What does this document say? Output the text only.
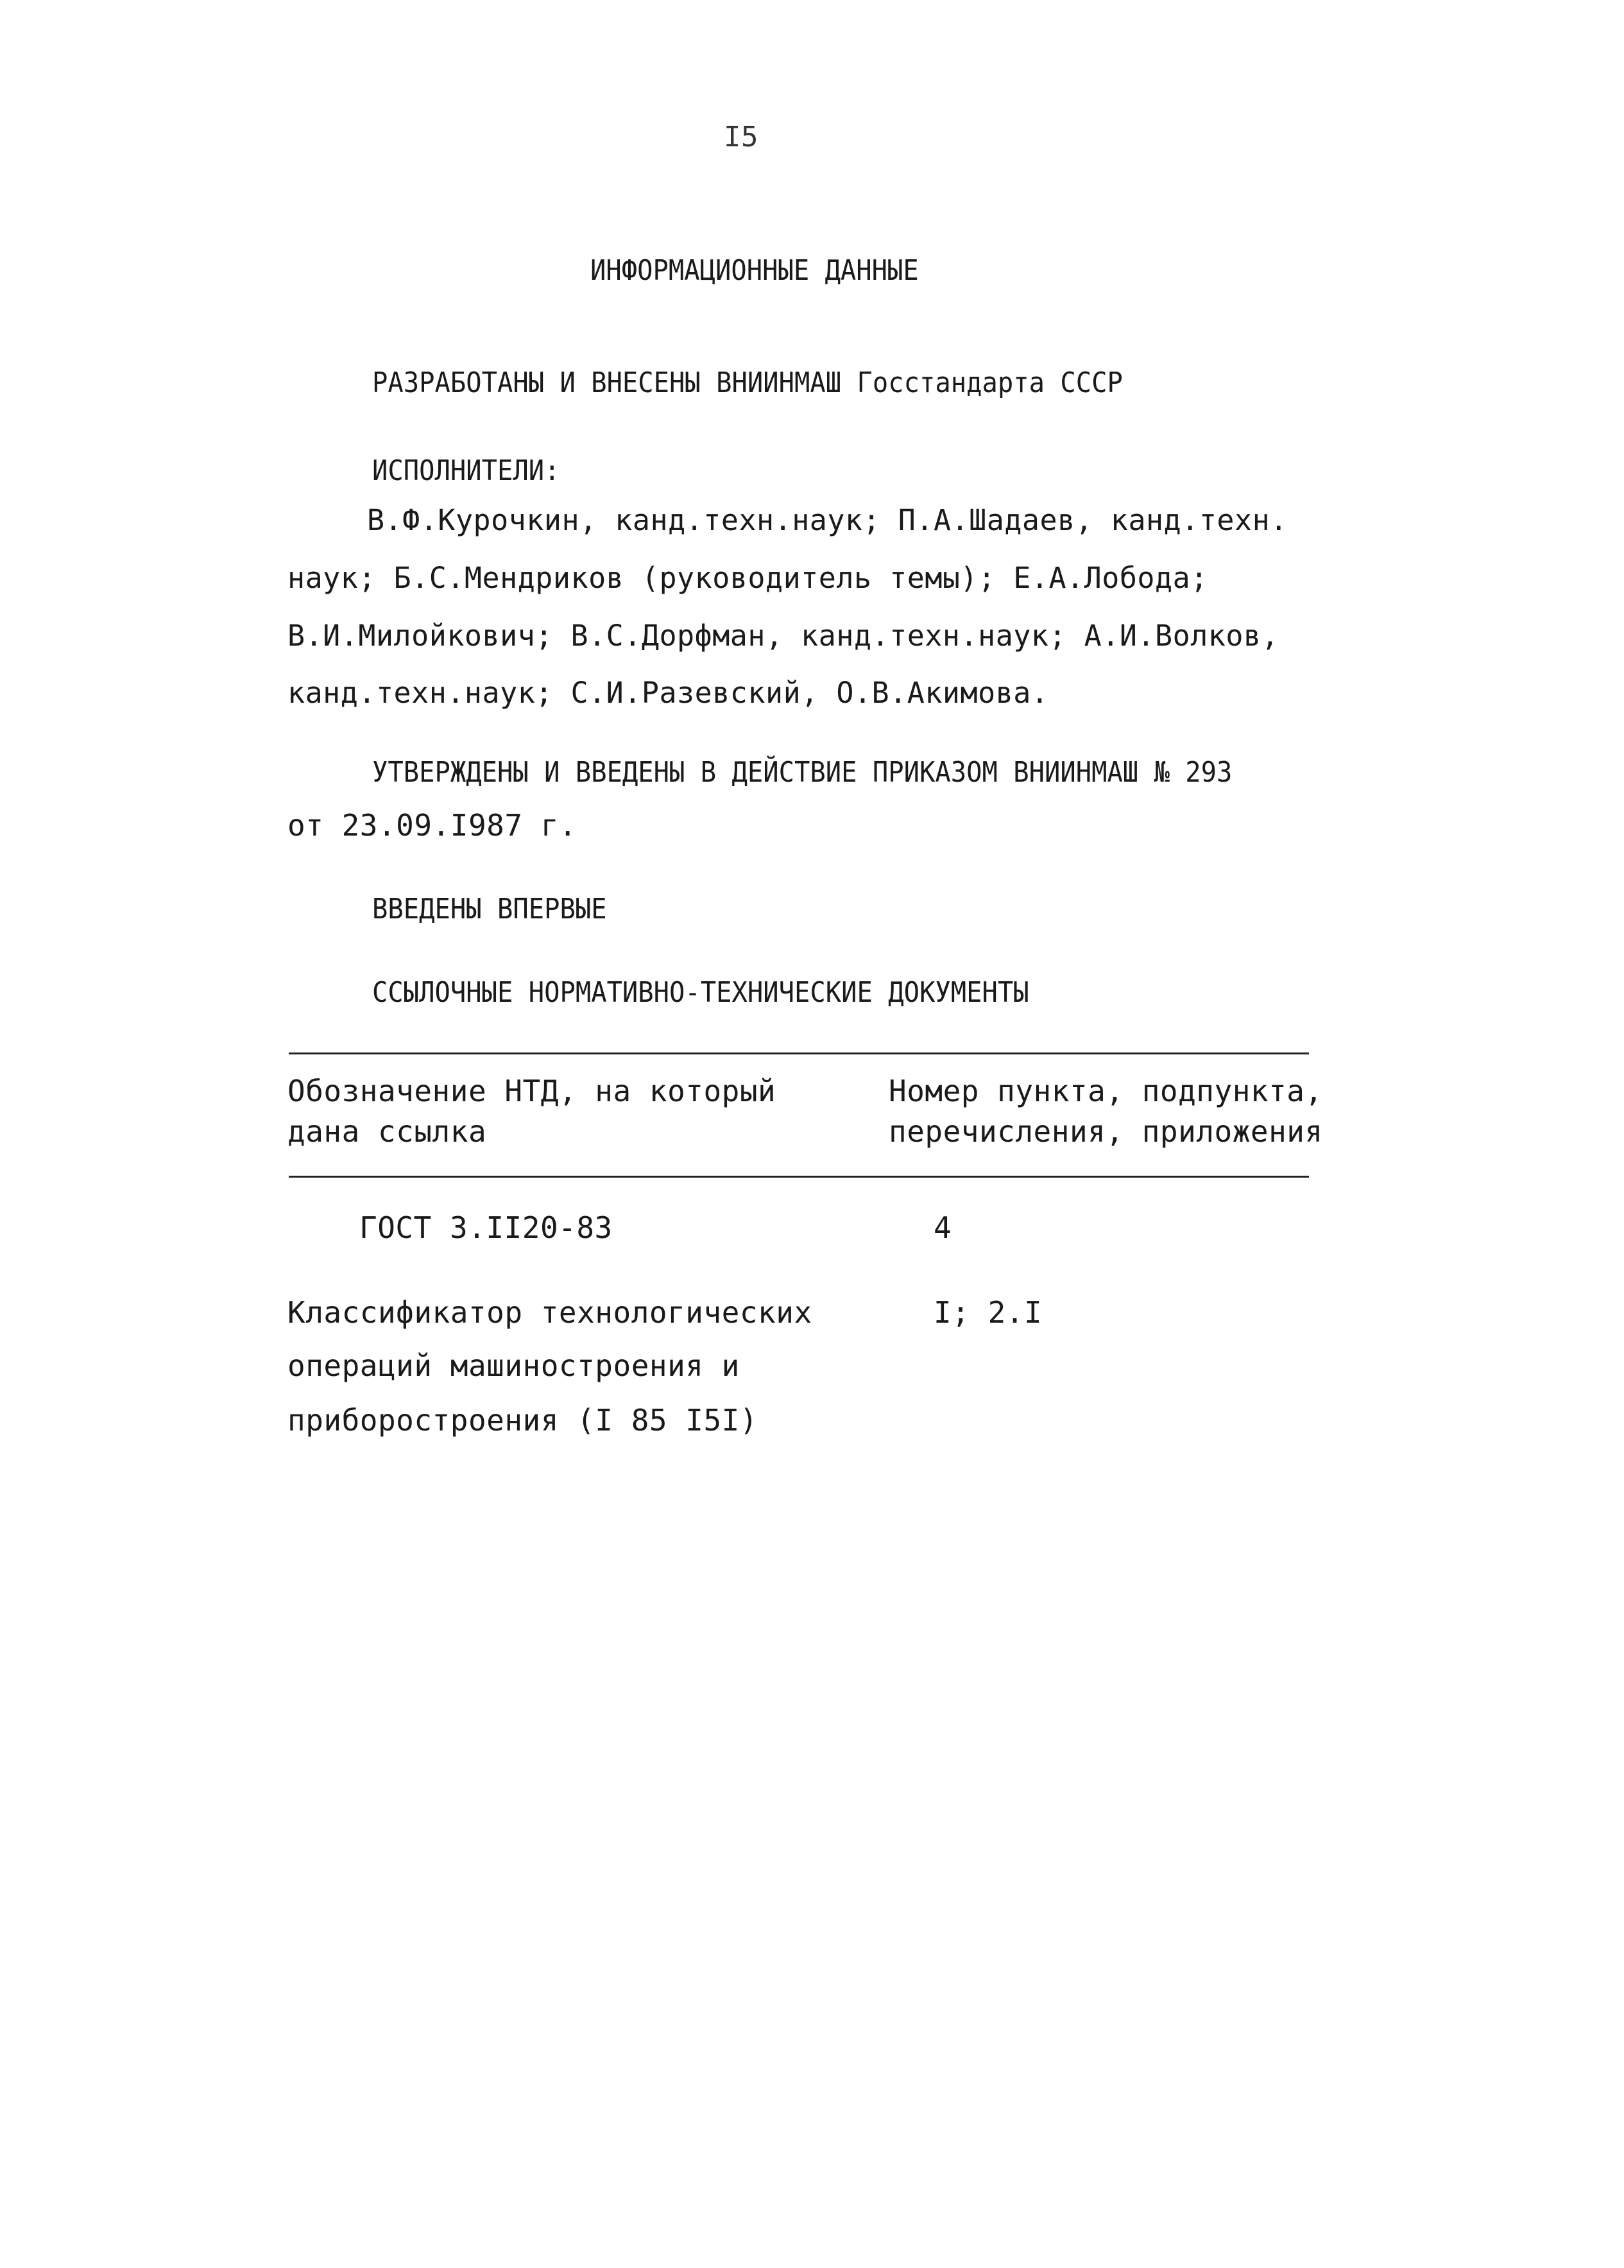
I5
ИНФОРМАЦИОННЫЕ ДАННЫЕ
РАЗРАБОТАНЫ И ВНЕСЕНЫ ВНИИНМАШ Госстандарта СССР
ИСПОЛНИТЕЛИ:
В.Ф.Курочкин, канд.техн.наук; П.А.Шадаев, канд.техн.
наук; Б.С.Мендриков (руководитель темы); Е.А.Лобода;
В.И.Милойкович; В.С.Дорфман, канд.техн.наук; А.И.Волков,
канд.техн.наук; С.И.Разевский, О.В.Акимова.
УТВЕРЖДЕНЫ И ВВЕДЕНЫ В ДЕЙСТВИЕ ПРИКАЗОМ ВНИИНМАШ № 293
от 23.09.I987 г.
ВВЕДЕНЫ ВПЕРВЫЕ
ССЫЛОЧНЫЕ НОРМАТИВНО-ТЕХНИЧЕСКИЕ ДОКУМЕНТЫ
Обозначение НТД, на который
дана ссылка
Номер пункта, подпункта,
перечисления, приложения
ГОСТ 3.II20-83	4
Классификатор технологических
операций машиностроения и
приборостроения (I 85 I5I)
I; 2.I
